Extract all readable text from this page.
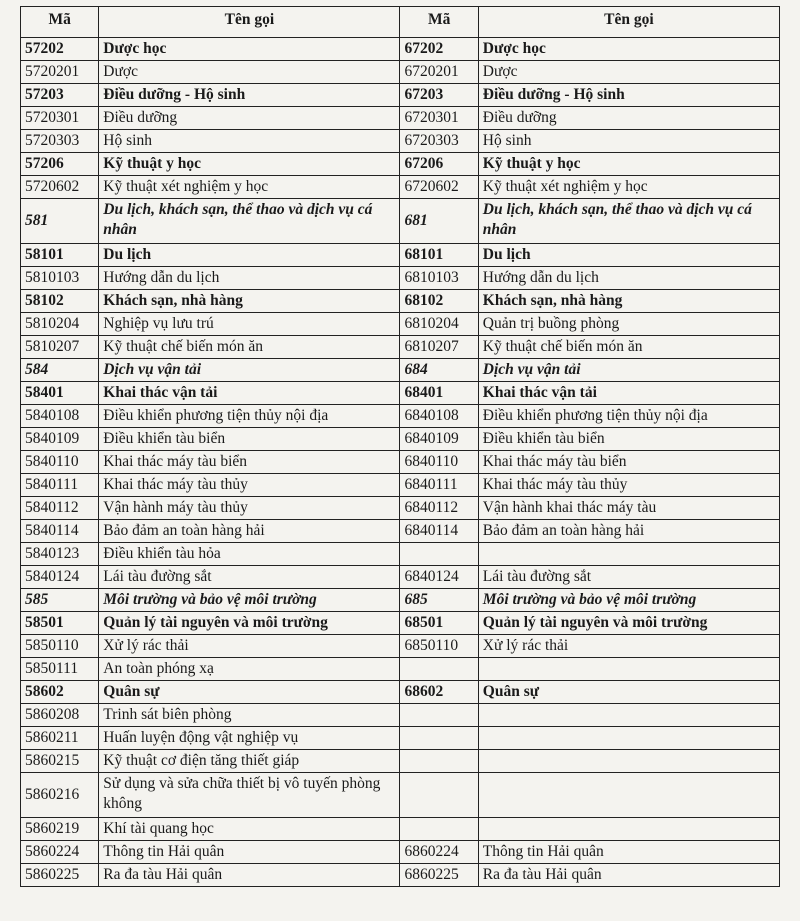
Mã	Tên gọi	Mã	Tên gọi
57202	Dược học	67202	Dược học
5720201	Dược	6720201	Dược
57203	Điều dưỡng - Hộ sinh	67203	Điều dưỡng - Hộ sinh
5720301	Điều dưỡng	6720301	Điều dưỡng
5720303	Hộ sinh	6720303	Hộ sinh
57206	Kỹ thuật y học	67206	Kỹ thuật y học
5720602	Kỹ thuật xét nghiệm y học	6720602	Kỹ thuật xét nghiệm y học
581	Du lịch, khách sạn, thể thao và dịch vụ cá nhân	681	Du lịch, khách sạn, thể thao và dịch vụ cá nhân
58101	Du lịch	68101	Du lịch
5810103	Hướng dẫn du lịch	6810103	Hướng dẫn du lịch
58102	Khách sạn, nhà hàng	68102	Khách sạn, nhà hàng
5810204	Nghiệp vụ lưu trú	6810204	Quản trị buồng phòng
5810207	Kỹ thuật chế biến món ăn	6810207	Kỹ thuật chế biến món ăn
584	Dịch vụ vận tải	684	Dịch vụ vận tải
58401	Khai thác vận tải	68401	Khai thác vận tải
5840108	Điều khiển phương tiện thủy nội địa	6840108	Điều khiển phương tiện thủy nội địa
5840109	Điều khiển tàu biển	6840109	Điều khiển tàu biển
5840110	Khai thác máy tàu biển	6840110	Khai thác máy tàu biển
5840111	Khai thác máy tàu thủy	6840111	Khai thác máy tàu thủy
5840112	Vận hành máy tàu thủy	6840112	Vận hành khai thác máy tàu
5840114	Bảo đảm an toàn hàng hải	6840114	Bảo đảm an toàn hàng hải
5840123	Điều khiển tàu hỏa		
5840124	Lái tàu đường sắt	6840124	Lái tàu đường sắt
585	Môi trường và bảo vệ môi trường	685	Môi trường và bảo vệ môi trường
58501	Quản lý tài nguyên và môi trường	68501	Quản lý tài nguyên và môi trường
5850110	Xử lý rác thải	6850110	Xử lý rác thải
5850111	An toàn phóng xạ		
58602	Quân sự	68602	Quân sự
5860208	Trinh sát biên phòng		
5860211	Huấn luyện động vật nghiệp vụ		
5860215	Kỹ thuật cơ điện tăng thiết giáp		
5860216	Sử dụng và sửa chữa thiết bị vô tuyến phòng không		
5860219	Khí tài quang học		
5860224	Thông tin Hải quân	6860224	Thông tin Hải quân
5860225	Ra đa tàu Hải quân	6860225	Ra đa tàu Hải quân
